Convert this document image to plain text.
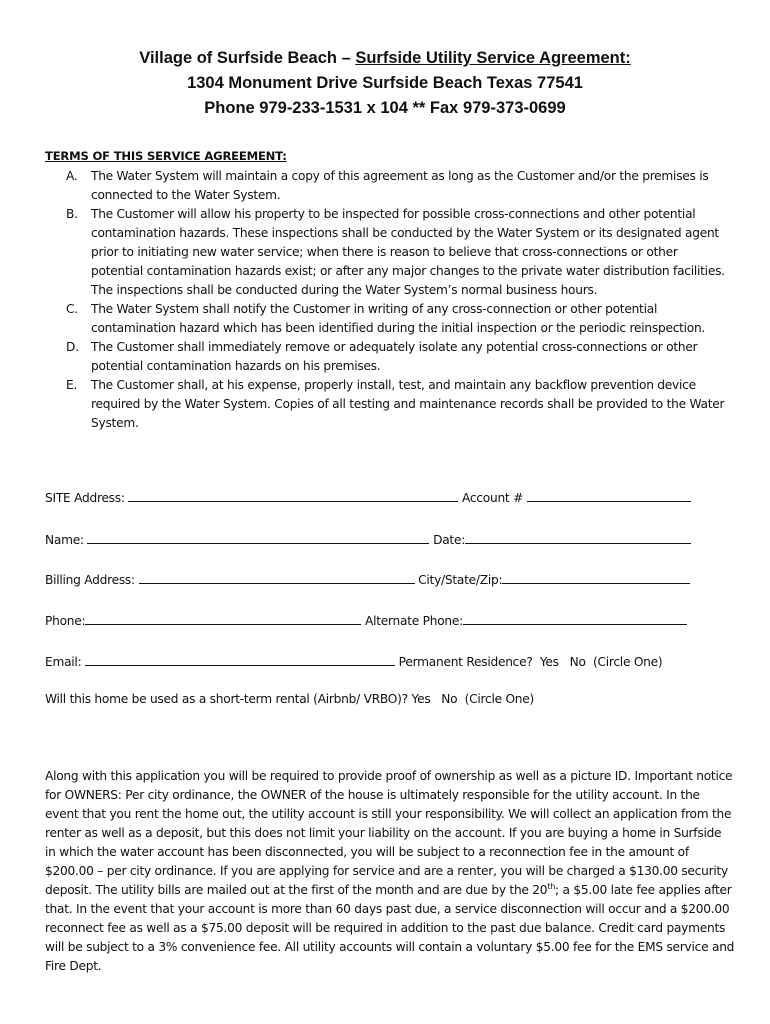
Village of Surfside Beach – Surfside Utility Service Agreement:
1304 Monument Drive Surfside Beach Texas 77541
Phone 979-233-1531 x 104 ** Fax 979-373-0699
TERMS OF THIS SERVICE AGREEMENT:
A. The Water System will maintain a copy of this agreement as long as the Customer and/or the premises is connected to the Water System.
B. The Customer will allow his property to be inspected for possible cross-connections and other potential contamination hazards. These inspections shall be conducted by the Water System or its designated agent prior to initiating new water service; when there is reason to believe that cross-connections or other potential contamination hazards exist; or after any major changes to the private water distribution facilities. The inspections shall be conducted during the Water System’s normal business hours.
C. The Water System shall notify the Customer in writing of any cross-connection or other potential contamination hazard which has been identified during the initial inspection or the periodic reinspection.
D. The Customer shall immediately remove or adequately isolate any potential cross-connections or other potential contamination hazards on his premises.
E. The Customer shall, at his expense, properly install, test, and maintain any backflow prevention device required by the Water System. Copies of all testing and maintenance records shall be provided to the Water System.
SITE Address:	Account #
Name:	Date:
Billing Address:	City/State/Zip:
Phone:	Alternate Phone:
Email:	Permanent Residence?  Yes   No  (Circle One)
Will this home be used as a short-term rental (Airbnb/ VRBO)? Yes   No  (Circle One)
Along with this application you will be required to provide proof of ownership as well as a picture ID. Important notice for OWNERS: Per city ordinance, the OWNER of the house is ultimately responsible for the utility account. In the event that you rent the home out, the utility account is still your responsibility. We will collect an application from the renter as well as a deposit, but this does not limit your liability on the account. If you are buying a home in Surfside in which the water account has been disconnected, you will be subject to a reconnection fee in the amount of $200.00 – per city ordinance. If you are applying for service and are a renter, you will be charged a $130.00 security deposit. The utility bills are mailed out at the first of the month and are due by the 20th; a $5.00 late fee applies after that. In the event that your account is more than 60 days past due, a service disconnection will occur and a $200.00 reconnect fee as well as a $75.00 deposit will be required in addition to the past due balance. Credit card payments will be subject to a 3% convenience fee. All utility accounts will contain a voluntary $5.00 fee for the EMS service and Fire Dept.
